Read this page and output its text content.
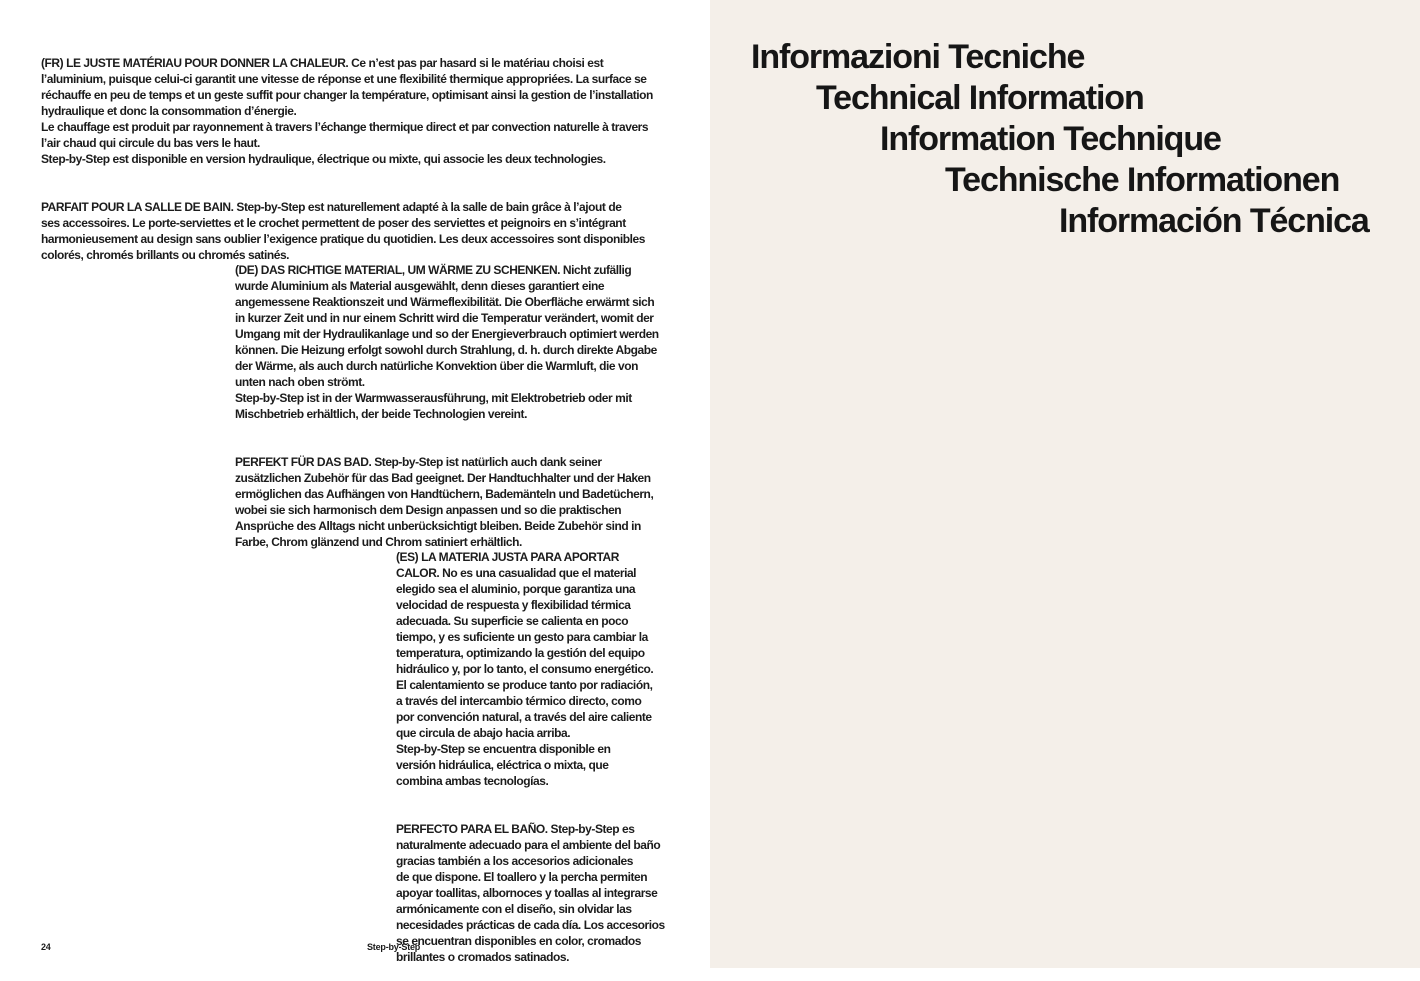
(FR) LE JUSTE MATÉRIAU POUR DONNER LA CHALEUR. Ce n’est pas par hasard si le matériau choisi est
l’aluminium, puisque celui-ci garantit une vitesse de réponse et une flexibilité thermique appropriées. La surface se
réchauffe en peu de temps et un geste suffit pour changer la température, optimisant ainsi la gestion de l’installation
hydraulique et donc la consommation d’énergie.
Le chauffage est produit par rayonnement à travers l’échange thermique direct et par convection naturelle à travers
l’air chaud qui circule du bas vers le haut.
Step-by-Step est disponible en version hydraulique, électrique ou mixte, qui associe les deux technologies.

PARFAIT POUR LA SALLE DE BAIN. Step-by-Step est naturellement adapté à la salle de bain grâce à l’ajout de
ses accessoires. Le porte-serviettes et le crochet permettent de poser des serviettes et peignoirs en s’intégrant
harmonieusement au design sans oublier l’exigence pratique du quotidien. Les deux accessoires sont disponibles
colorés, chromés brillants ou chromés satinés.

(DE) DAS RICHTIGE MATERIAL, UM WÄRME ZU SCHENKEN. Nicht zufällig
wurde Aluminium als Material ausgewählt, denn dieses garantiert eine
angemessene Reaktionszeit und Wärmeflexibilität. Die Oberfläche erwärmt sich
in kurzer Zeit und in nur einem Schritt wird die Temperatur verändert, womit der
Umgang mit der Hydraulikanlage und so der Energieverbrauch optimiert werden
können. Die Heizung erfolgt sowohl durch Strahlung, d. h. durch direkte Abgabe
der Wärme, als auch durch natürliche Konvektion über die Warmluft, die von
unten nach oben strömt.
Step-by-Step ist in der Warmwasserausführung, mit Elektrobetrieb oder mit
Mischbetrieb erhältlich, der beide Technologien vereint.

PERFEKT FÜR DAS BAD. Step-by-Step ist natürlich auch dank seiner
zusätzlichen Zubehör für das Bad geeignet. Der Handtuchhalter und der Haken
ermöglichen das Aufhängen von Handtüchern, Bademänteln und Badetüchern,
wobei sie sich harmonisch dem Design anpassen und so die praktischen
Ansprüche des Alltags nicht unberücksichtigt bleiben. Beide Zubehör sind in
Farbe, Chrom glänzend und Chrom satiniert erhältlich.

(ES) LA MATERIA JUSTA PARA APORTAR
CALOR. No es una casualidad que el material
elegido sea el aluminio, porque garantiza una
velocidad de respuesta y flexibilidad térmica
adecuada. Su superficie se calienta en poco
tiempo, y es suficiente un gesto para cambiar la
temperatura, optimizando la gestión del equipo
hidráulico y, por lo tanto, el consumo energético.
El calentamiento se produce tanto por radiación,
a través del intercambio térmico directo, como
por convención natural, a través del aire caliente
que circula de abajo hacia arriba.
Step-by-Step se encuentra disponible en
versión hidráulica, eléctrica o mixta, que
combina ambas tecnologías.

PERFECTO PARA EL BAÑO. Step-by-Step es
naturalmente adecuado para el ambiente del baño
gracias también a los accesorios adicionales
de que dispone. El toallero y la percha permiten
apoyar toallitas, albornoces y toallas al integrarse
armónicamente con el diseño, sin olvidar las
necesidades prácticas de cada día. Los accesorios
se encuentran disponibles en color, cromados
brillantes o cromados satinados.

24	Step-by-Step
Informazioni Tecniche
Technical Information
Information Technique
Technische Informationen
Información Técnica
